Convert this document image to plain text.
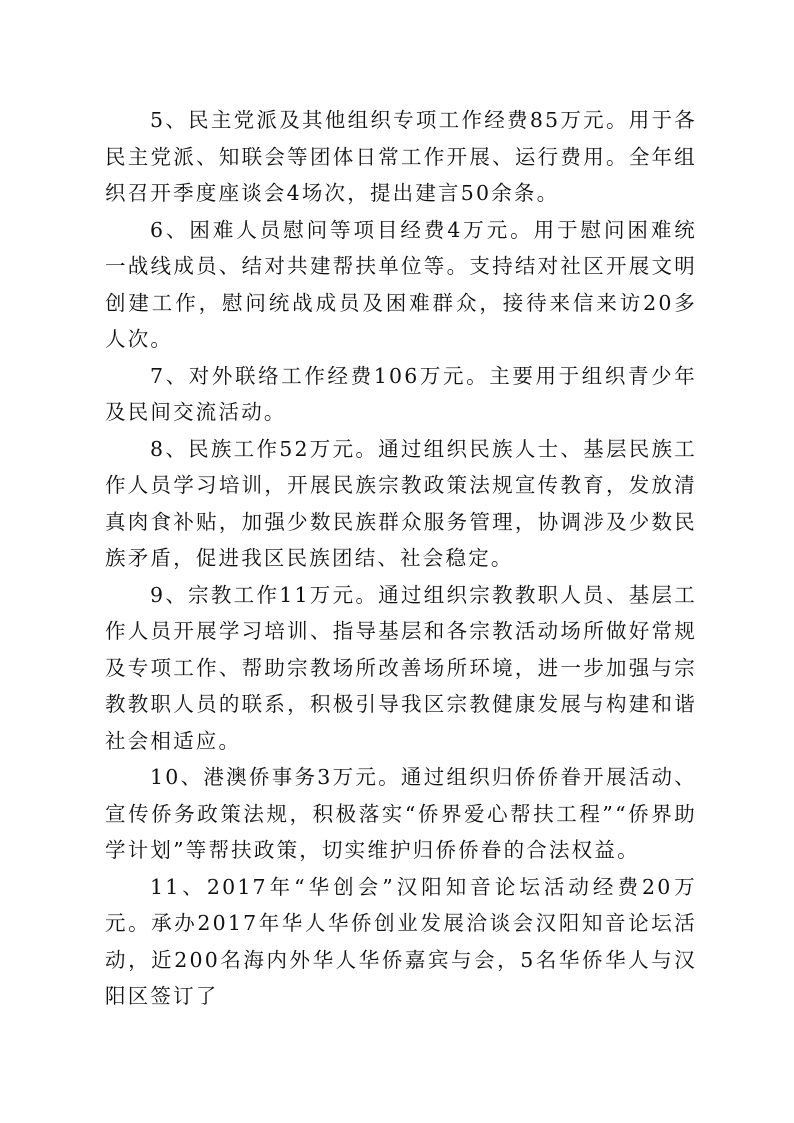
5、民主党派及其他组织专项工作经费85万元。用于各民主党派、知联会等团体日常工作开展、运行费用。全年组织召开季度座谈会4场次，提出建言50余条。

6、困难人员慰问等项目经费4万元。用于慰问困难统一战线成员、结对共建帮扶单位等。支持结对社区开展文明创建工作，慰问统战成员及困难群众，接待来信来访20多人次。

7、对外联络工作经费106万元。主要用于组织青少年及民间交流活动。

8、民族工作52万元。通过组织民族人士、基层民族工作人员学习培训，开展民族宗教政策法规宣传教育，发放清真肉食补贴，加强少数民族群众服务管理，协调涉及少数民族矛盾，促进我区民族团结、社会稳定。

9、宗教工作11万元。通过组织宗教教职人员、基层工作人员开展学习培训、指导基层和各宗教活动场所做好常规及专项工作、帮助宗教场所改善场所环境，进一步加强与宗教教职人员的联系，积极引导我区宗教健康发展与构建和谐社会相适应。

10、港澳侨事务3万元。通过组织归侨侨眷开展活动、宣传侨务政策法规，积极落实“侨界爱心帮扶工程”“侨界助学计划”等帮扶政策，切实维护归侨侨眷的合法权益。

11、2017年“华创会”汉阳知音论坛活动经费20万元。承办2017年华人华侨创业发展洽谈会汉阳知音论坛活动，近200名海内外华人华侨嘉宾与会，5名华侨华人与汉阳区签订了
